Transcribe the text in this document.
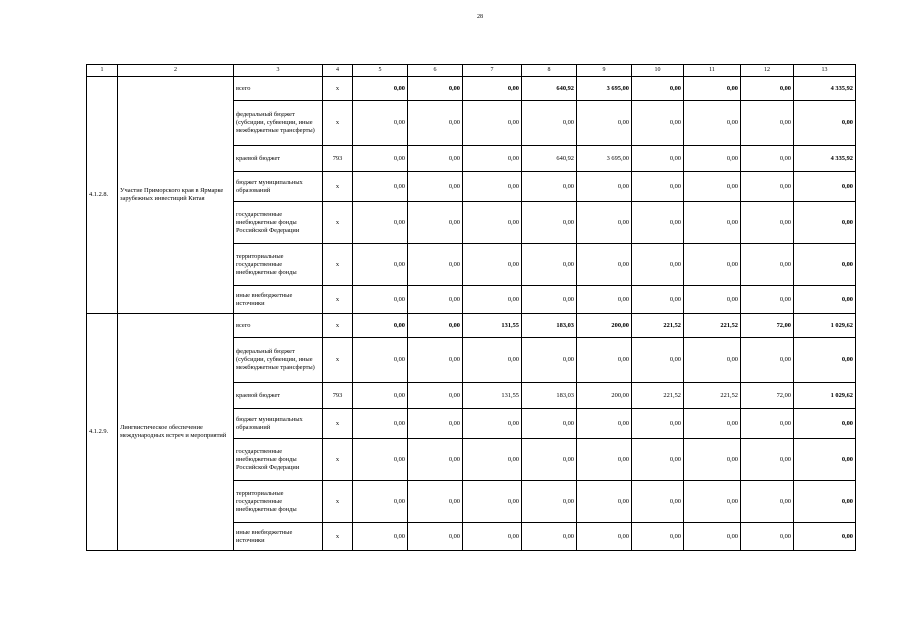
28
1	2	3	4	5	6	7	8	9	10	11	12	13
4.1.2.8.	Участие Приморского края в Ярмарке зарубежных инвестиций Китая	всего	х	0,00	0,00	0,00	640,92	3 695,00	0,00	0,00	0,00	4 335,92
		федеральный бюджет (субсидии, субвенции, иные межбюджетные трансферты)	х	0,00	0,00	0,00	0,00	0,00	0,00	0,00	0,00	0,00
		краевой бюджет	793	0,00	0,00	0,00	640,92	3 695,00	0,00	0,00	0,00	4 335,92
		бюджет муниципальных образований	х	0,00	0,00	0,00	0,00	0,00	0,00	0,00	0,00	0,00
		государственные внебюджетные фонды Российской Федерации	х	0,00	0,00	0,00	0,00	0,00	0,00	0,00	0,00	0,00
		территориальные государственные внебюджетные фонды	х	0,00	0,00	0,00	0,00	0,00	0,00	0,00	0,00	0,00
		иные внебюджетные источники	х	0,00	0,00	0,00	0,00	0,00	0,00	0,00	0,00	0,00
4.1.2.9.	Лингвистическое обеспечение международных встреч и мероприятий	всего	х	0,00	0,00	131,55	183,03	200,00	221,52	221,52	72,00	1 029,62
		федеральный бюджет (субсидии, субвенции, иные межбюджетные трансферты)	х	0,00	0,00	0,00	0,00	0,00	0,00	0,00	0,00	0,00
		краевой бюджет	793	0,00	0,00	131,55	183,03	200,00	221,52	221,52	72,00	1 029,62
		бюджет муниципальных образований	х	0,00	0,00	0,00	0,00	0,00	0,00	0,00	0,00	0,00
		государственные внебюджетные фонды Российской Федерации	х	0,00	0,00	0,00	0,00	0,00	0,00	0,00	0,00	0,00
		территориальные государственные внебюджетные фонды	х	0,00	0,00	0,00	0,00	0,00	0,00	0,00	0,00	0,00
		иные внебюджетные источники	х	0,00	0,00	0,00	0,00	0,00	0,00	0,00	0,00	0,00
